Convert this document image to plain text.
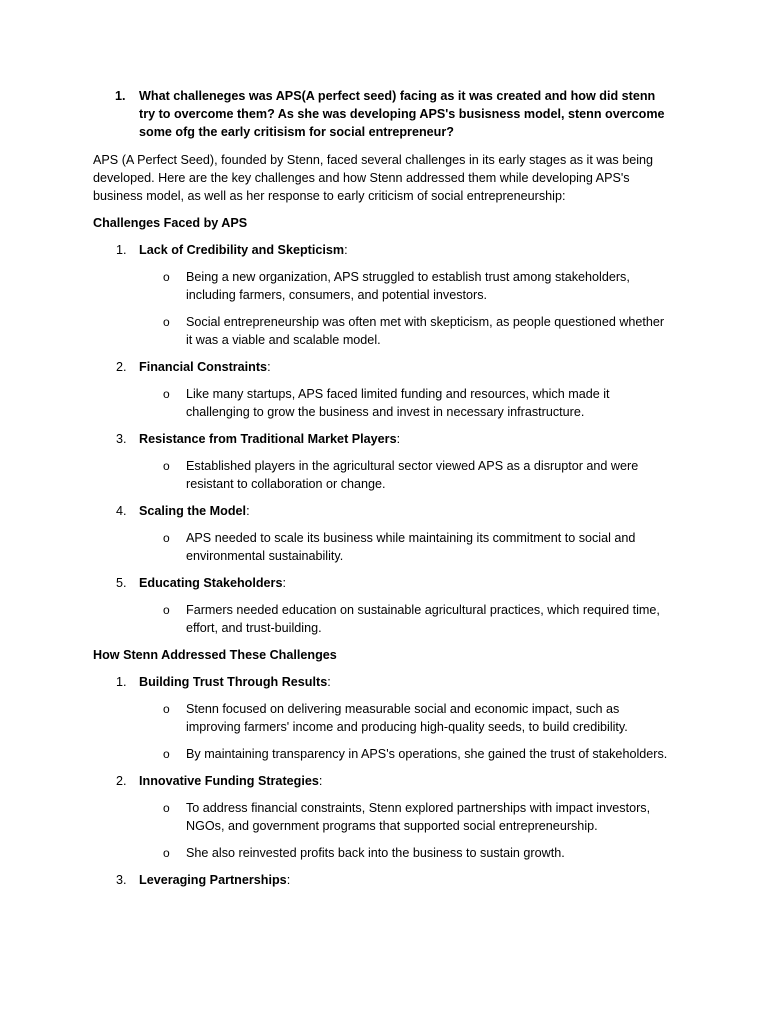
1.	What challeneges was APS(A perfect seed) facing as it was created and how did stenn try to overcome them? As she was developing APS's busisness model, stenn overcome some ofg the early critisism for social entrepreneur?

APS (A Perfect Seed), founded by Stenn, faced several challenges in its early stages as it was being developed. Here are the key challenges and how Stenn addressed them while developing APS's business model, as well as her response to early criticism of social entrepreneurship:

Challenges Faced by APS

1. Lack of Credibility and Skepticism:
o	Being a new organization, APS struggled to establish trust among stakeholders, including farmers, consumers, and potential investors.
o	Social entrepreneurship was often met with skepticism, as people questioned whether it was a viable and scalable model.
2. Financial Constraints:
o	Like many startups, APS faced limited funding and resources, which made it challenging to grow the business and invest in necessary infrastructure.
3. Resistance from Traditional Market Players:
o	Established players in the agricultural sector viewed APS as a disruptor and were resistant to collaboration or change.
4. Scaling the Model:
o	APS needed to scale its business while maintaining its commitment to social and environmental sustainability.
5. Educating Stakeholders:
o	Farmers needed education on sustainable agricultural practices, which required time, effort, and trust-building.

How Stenn Addressed These Challenges

1. Building Trust Through Results:
o	Stenn focused on delivering measurable social and economic impact, such as improving farmers' income and producing high-quality seeds, to build credibility.
o	By maintaining transparency in APS's operations, she gained the trust of stakeholders.
2. Innovative Funding Strategies:
o	To address financial constraints, Stenn explored partnerships with impact investors, NGOs, and government programs that supported social entrepreneurship.
o	She also reinvested profits back into the business to sustain growth.
3. Leveraging Partnerships:
